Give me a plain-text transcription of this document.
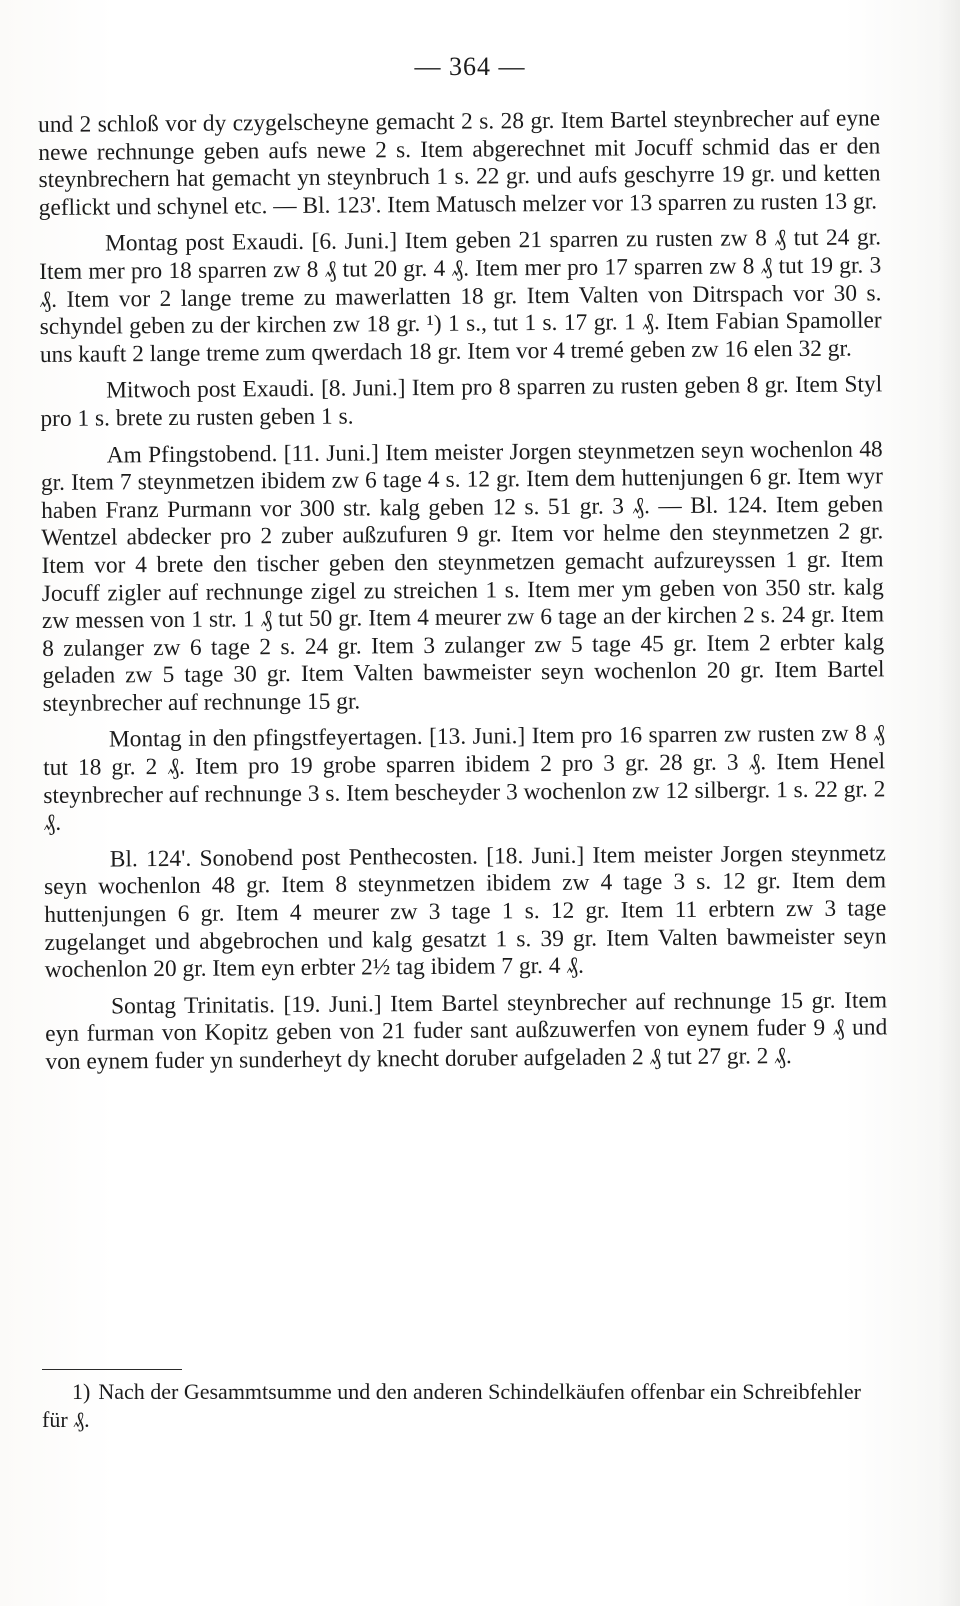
— 364 —

und 2 schloß vor dy czygelscheyne gemacht 2 s. 28 gr. Item Bartel steynbrecher auf eyne newe rechnunge geben aufs newe 2 s. Item abgerechnet mit Jocuff schmid das er den steynbrechern hat gemacht yn steynbruch 1 s. 22 gr. und aufs geschyrre 19 gr. und ketten geflickt und schynel etc. — Bl. 123'. Item Matusch melzer vor 13 sparren zu rusten 13 gr.

Montag post Exaudi. [6. Juni.] Item geben 21 sparren zu rusten zw 8 ₰ tut 24 gr. Item mer pro 18 sparren zw 8 ₰ tut 20 gr. 4 ₰. Item mer pro 17 sparren zw 8 ₰ tut 19 gr. 3 ₰. Item vor 2 lange treme zu mawerlatten 18 gr. Item Valten von Ditrspach vor 30 s. schyndel geben zu der kirchen zw 18 gr. ¹) 1 s., tut 1 s. 17 gr. 1 ₰. Item Fabian Spamoller uns kauft 2 lange treme zum qwerdach 18 gr. Item vor 4 tremé geben zw 16 elen 32 gr.

Mitwoch post Exaudi. [8. Juni.] Item pro 8 sparren zu rusten geben 8 gr. Item Styl pro 1 s. brete zu rusten geben 1 s.

Am Pfingstobend. [11. Juni.] Item meister Jorgen steynmetzen seyn wochenlon 48 gr. Item 7 steynmetzen ibidem zw 6 tage 4 s. 12 gr. Item dem huttenjungen 6 gr. Item wyr haben Franz Purmann vor 300 str. kalg geben 12 s. 51 gr. 3 ₰. — Bl. 124. Item geben Wentzel abdecker pro 2 zuber außzufuren 9 gr. Item vor helme den steynmetzen 2 gr. Item vor 4 brete den tischer geben den steynmetzen gemacht aufzureyssen 1 gr. Item Jocuff zigler auf rechnunge zigel zu streichen 1 s. Item mer ym geben von 350 str. kalg zw messen von 1 str. 1 ₰ tut 50 gr. Item 4 meurer zw 6 tage an der kirchen 2 s. 24 gr. Item 8 zulanger zw 6 tage 2 s. 24 gr. Item 3 zulanger zw 5 tage 45 gr. Item 2 erbter kalg geladen zw 5 tage 30 gr. Item Valten bawmeister seyn wochenlon 20 gr. Item Bartel steynbrecher auf rechnunge 15 gr.

Montag in den pfingstfeyertagen. [13. Juni.] Item pro 16 sparren zw rusten zw 8 ₰ tut 18 gr. 2 ₰. Item pro 19 grobe sparren ibidem 2 pro 3 gr. 28 gr. 3 ₰. Item Henel steynbrecher auf rechnunge 3 s. Item bescheyder 3 wochenlon zw 12 silbergr. 1 s. 22 gr. 2 ₰.

Bl. 124'. Sonobend post Penthecosten. [18. Juni.] Item meister Jorgen steynmetz seyn wochenlon 48 gr. Item 8 steynmetzen ibidem zw 4 tage 3 s. 12 gr. Item dem huttenjungen 6 gr. Item 4 meurer zw 3 tage 1 s. 12 gr. Item 11 erbtern zw 3 tage zugelanget und abgebrochen und kalg gesatzt 1 s. 39 gr. Item Valten bawmeister seyn wochenlon 20 gr. Item eyn erbter 2½ tag ibidem 7 gr. 4 ₰.

Sontag Trinitatis. [19. Juni.] Item Bartel steynbrecher auf rechnunge 15 gr. Item eyn furman von Kopitz geben von 21 fuder sant außzuwerfen von eynem fuder 9 ₰ und von eynem fuder yn sunderheyt dy knecht doruber aufgeladen 2 ₰ tut 27 gr. 2 ₰.

1) Nach der Gesammtsumme und den anderen Schindelkäufen offenbar ein Schreibfehler für ₰.
